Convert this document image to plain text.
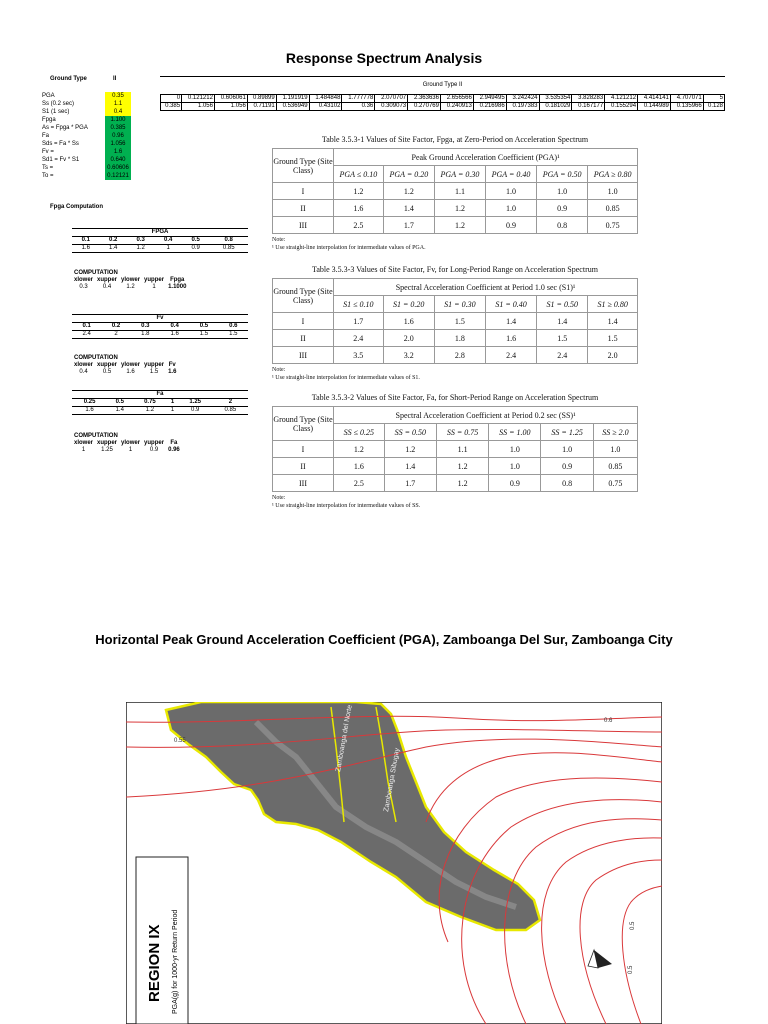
Response Spectrum Analysis
Ground Type	II
PGA	0.35
Ss (0.2 sec)	1.1
S1 (1 sec)	0.4
Fpga	1.100
As = Fpga * PGA	0.385
Fa	0.96
Sds = Fa * Ss	1.056
Fv =	1.6
Sd1 = Fv * S1	0.640
Ts =	0.60606
To =	0.12121
Ground Type II
0	0.121212	0.606061	0.89899	1.191919	1.484848	1.777778	2.070707	2.363636	2.656566	2.949495	3.242424	3.535354	3.828283	4.121212	4.414141	4.707071	5
0.385	1.056	1.056	0.71191	0.536949	0.43102	0.36	0.309073	0.270769	0.240913	0.216986	0.197383	0.181029	0.167177	0.155294	0.144989	0.135966	0.128
Fpga Computation
FPGA					
0.1	0.2	0.3	0.4	0.5	0.8
1.6	1.4	1.2	1	0.9	0.85
COMPUTATION
xlower	xupper	ylower	yupper	Fpga
0.3	0.4	1.2	1	1.1000
Fv					
0.1	0.2	0.3	0.4	0.5	0.6
2.4	2	1.8	1.6	1.5	1.5
COMPUTATION
xlower	xupper	ylower	yupper	Fv
0.4	0.5	1.6	1.5	1.6
Fa					
0.25	0.5	0.75	1	1.25	2
1.6	1.4	1.2	1	0.9	0.85
COMPUTATION
xlower	xupper	ylower	yupper	Fa
1	1.25	1	0.9	0.96
Table 3.5.3-1 Values of Site Factor, Fpga, at Zero-Period on Acceleration Spectrum
Ground Type (Site Class)	Peak Ground Acceleration Coefficient (PGA)¹					
	PGA ≤ 0.10	PGA = 0.20	PGA = 0.30	PGA = 0.40	PGA = 0.50	PGA ≥ 0.80
I	1.2	1.2	1.1	1.0	1.0	1.0
II	1.6	1.4	1.2	1.0	0.9	0.85
III	2.5	1.7	1.2	0.9	0.8	0.75
Note:
¹ Use straight-line interpolation for intermediate values of PGA.
Table 3.5.3-3 Values of Site Factor, Fv, for Long-Period Range on Acceleration Spectrum
Ground Type (Site Class)	Spectral Acceleration Coefficient at Period 1.0 sec (S1)¹					
	S1 ≤ 0.10	S1 = 0.20	S1 = 0.30	S1 = 0.40	S1 = 0.50	S1 ≥ 0.80
I	1.7	1.6	1.5	1.4	1.4	1.4
II	2.4	2.0	1.8	1.6	1.5	1.5
III	3.5	3.2	2.8	2.4	2.4	2.0
Note:
¹ Use straight-line interpolation for intermediate values of S1.
Table 3.5.3-2 Values of Site Factor, Fa, for Short-Period Range on Acceleration Spectrum
Ground Type (Site Class)	Spectral Acceleration Coefficient at Period 0.2 sec (SS)¹					
	SS ≤ 0.25	SS = 0.50	SS = 0.75	SS = 1.00	SS = 1.25	SS ≥ 2.0
I	1.2	1.2	1.1	1.0	1.0	1.0
II	1.6	1.4	1.2	1.0	0.9	0.85
III	2.5	1.7	1.2	0.9	0.8	0.75
Note:
¹ Use straight-line interpolation for intermediate values of SS.
Horizontal Peak Ground Acceleration Coefficient (PGA), Zamboanga Del Sur, Zamboanga City
0.55
0.6
0.5
0.5
Zamboanga del Norte
Zamboanga Sibugay
REGION IX PGA(g) for 1000-yr Return Period
